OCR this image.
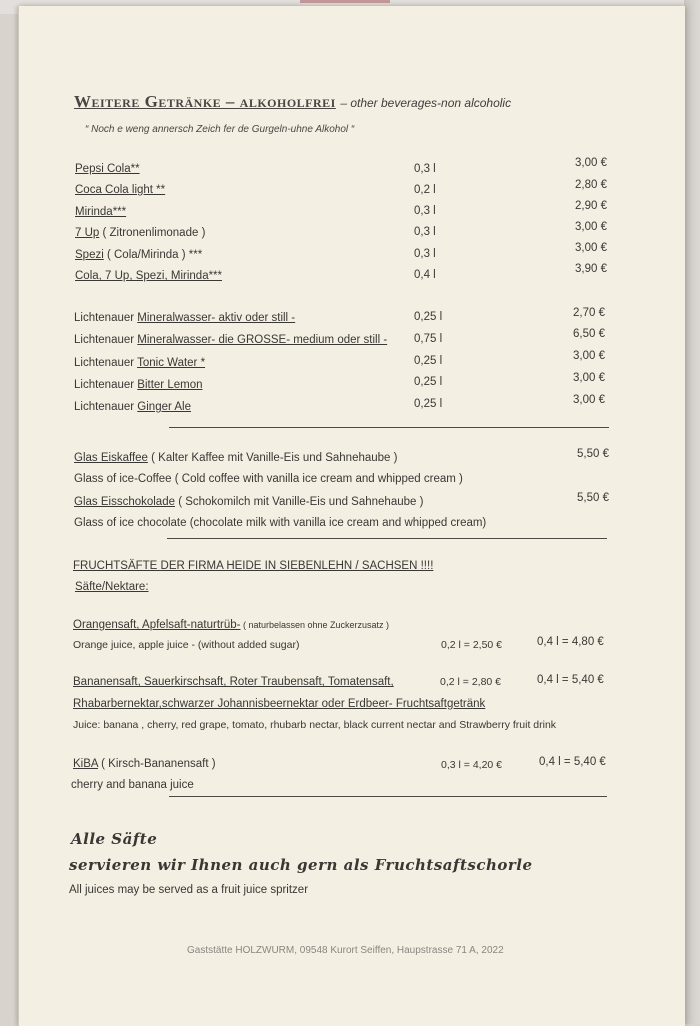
Weitere Getränke – alkoholfrei – other beverages-non alcoholic
“ Noch e weng annersch Zeich fer de Gurgeln-uhne Alkohol “
Pepsi Cola**	0,3 l	3,00 €
Coca Cola light **	0,2 l	2,80 €
Mirinda***	0,3 l	2,90 €
7 Up ( Zitronenlimonade )	0,3 l	3,00 €
Spezi ( Cola/Mirinda ) ***	0,3 l	3,00 €
Cola, 7 Up, Spezi, Mirinda***	0,4 l	3,90 €
Lichtenauer Mineralwasser- aktiv oder still -	0,25 l	2,70 €
Lichtenauer Mineralwasser- die GROSSE- medium oder still - 0,75 l	6,50 €
Lichtenauer Tonic Water *	0,25 l	3,00 €
Lichtenauer Bitter Lemon	0,25 l	3,00 €
Lichtenauer Ginger Ale	0,25 l	3,00 €
Glas Eiskaffee ( Kalter Kaffee mit Vanille-Eis und Sahnehaube )	5,50 €
Glass of ice-Coffee ( Cold coffee with vanilla ice cream and whipped cream )
Glas Eisschokolade ( Schokomilch mit Vanille-Eis und Sahnehaube )	5,50 €
Glass of ice chocolate (chocolate milk with vanilla ice cream and whipped cream)
FRUCHTSÄFTE DER FIRMA HEIDE IN SIEBENLEHN / SACHSEN !!!!
Säfte/Nektare:
Orangensaft, Apfelsaft-naturtrüb- ( naturbelassen ohne Zuckerzusatz )
Orange juice, apple juice - (without added sugar)	0,2 l = 2,50 €	0,4 l = 4,80 €
Bananensaft, Sauerkirschsaft, Roter Traubensaft, Tomatensaft,	0,2 l = 2,80 €	0,4 l = 5,40 €
Rhabarbernektar,schwarzer Johannisbeernektar oder Erdbeer- Fruchtsaftgetränk
Juice: banana , cherry, red grape, tomato, rhubarb nectar, black current nectar and Strawberry fruit drink
KiBA ( Kirsch-Bananensaft )	0,3 l = 4,20 €	0,4 l = 5,40 €
cherry and banana juice
Alle Säfte
servieren wir Ihnen auch gern als Fruchtsaftschorle
All juices may be served as a fruit juice spritzer
Gaststätte HOLZWURM, 09548 Kurort Seiffen, Haupstrasse 71 A, 2022
